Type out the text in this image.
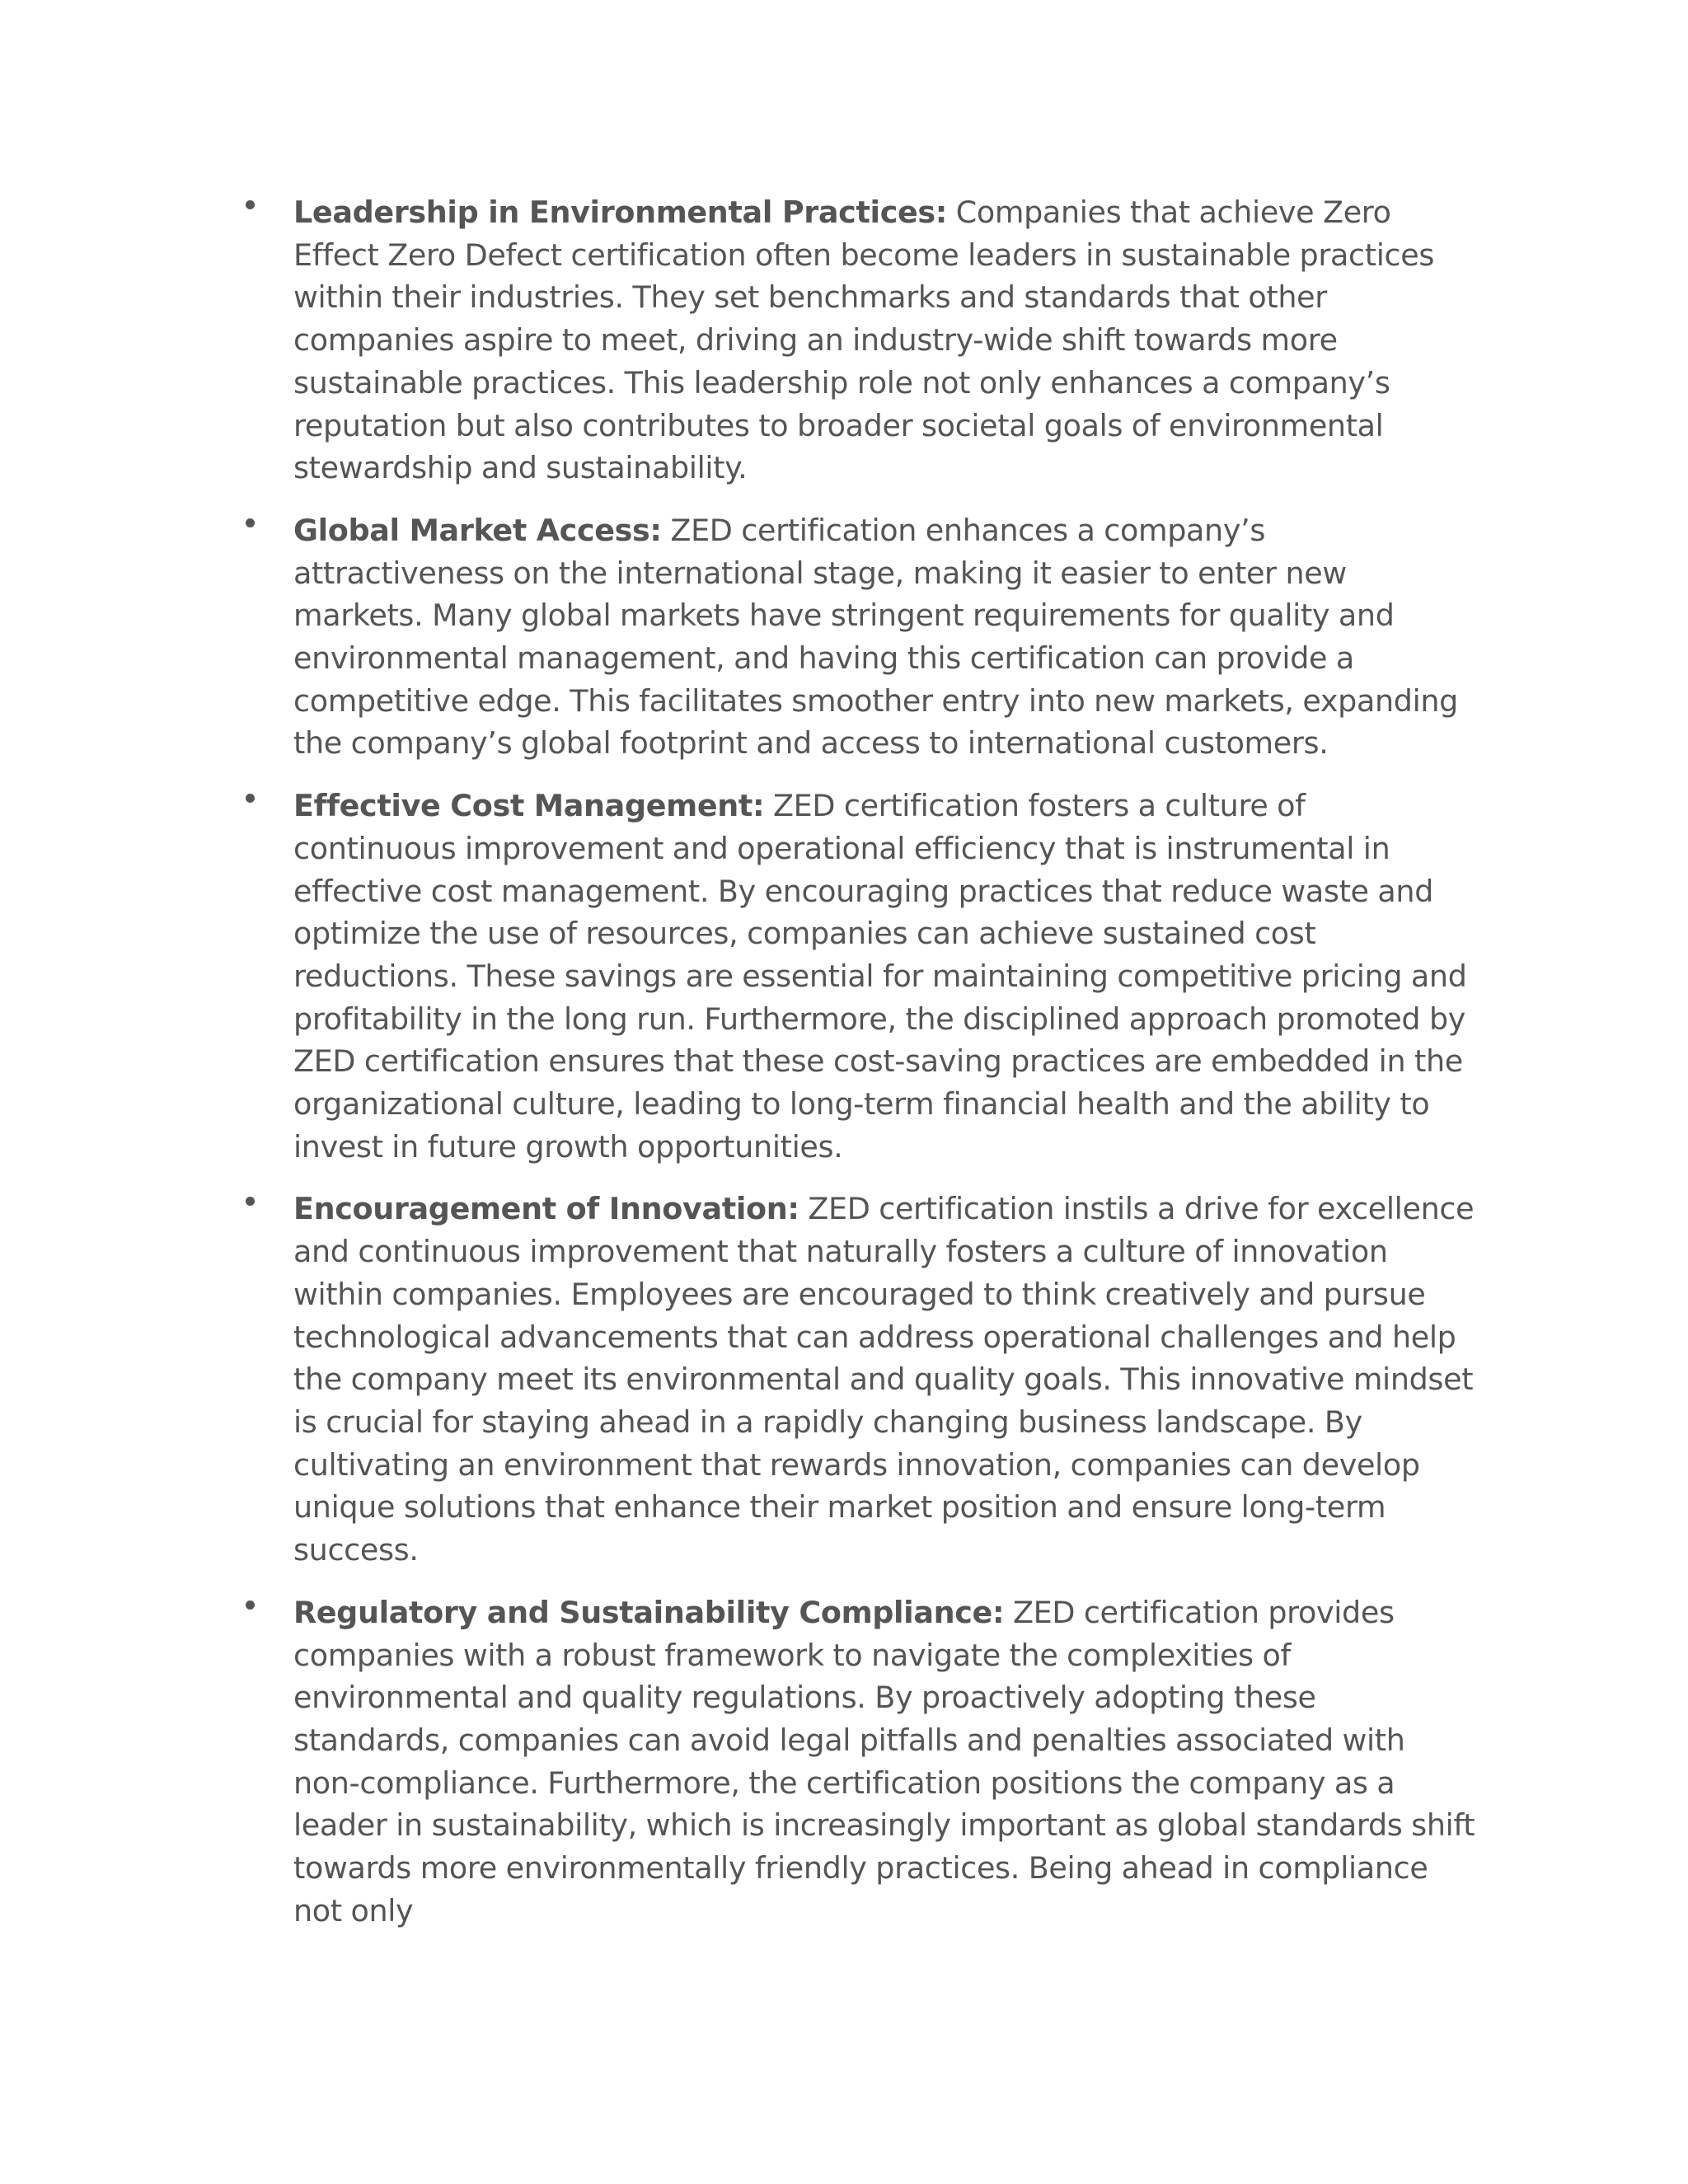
Leadership in Environmental Practices: Companies that achieve Zero Effect Zero Defect certification often become leaders in sustainable practices within their industries. They set benchmarks and standards that other companies aspire to meet, driving an industry-wide shift towards more sustainable practices. This leadership role not only enhances a company’s reputation but also contributes to broader societal goals of environmental stewardship and sustainability.
Global Market Access: ZED certification enhances a company’s attractiveness on the international stage, making it easier to enter new markets. Many global markets have stringent requirements for quality and environmental management, and having this certification can provide a competitive edge. This facilitates smoother entry into new markets, expanding the company’s global footprint and access to international customers.
Effective Cost Management: ZED certification fosters a culture of continuous improvement and operational efficiency that is instrumental in effective cost management. By encouraging practices that reduce waste and optimize the use of resources, companies can achieve sustained cost reductions. These savings are essential for maintaining competitive pricing and profitability in the long run. Furthermore, the disciplined approach promoted by ZED certification ensures that these cost-saving practices are embedded in the organizational culture, leading to long-term financial health and the ability to invest in future growth opportunities.
Encouragement of Innovation: ZED certification instils a drive for excellence and continuous improvement that naturally fosters a culture of innovation within companies. Employees are encouraged to think creatively and pursue technological advancements that can address operational challenges and help the company meet its environmental and quality goals. This innovative mindset is crucial for staying ahead in a rapidly changing business landscape. By cultivating an environment that rewards innovation, companies can develop unique solutions that enhance their market position and ensure long-term success.
Regulatory and Sustainability Compliance: ZED certification provides companies with a robust framework to navigate the complexities of environmental and quality regulations. By proactively adopting these standards, companies can avoid legal pitfalls and penalties associated with non-compliance. Furthermore, the certification positions the company as a leader in sustainability, which is increasingly important as global standards shift towards more environmentally friendly practices. Being ahead in compliance not only
